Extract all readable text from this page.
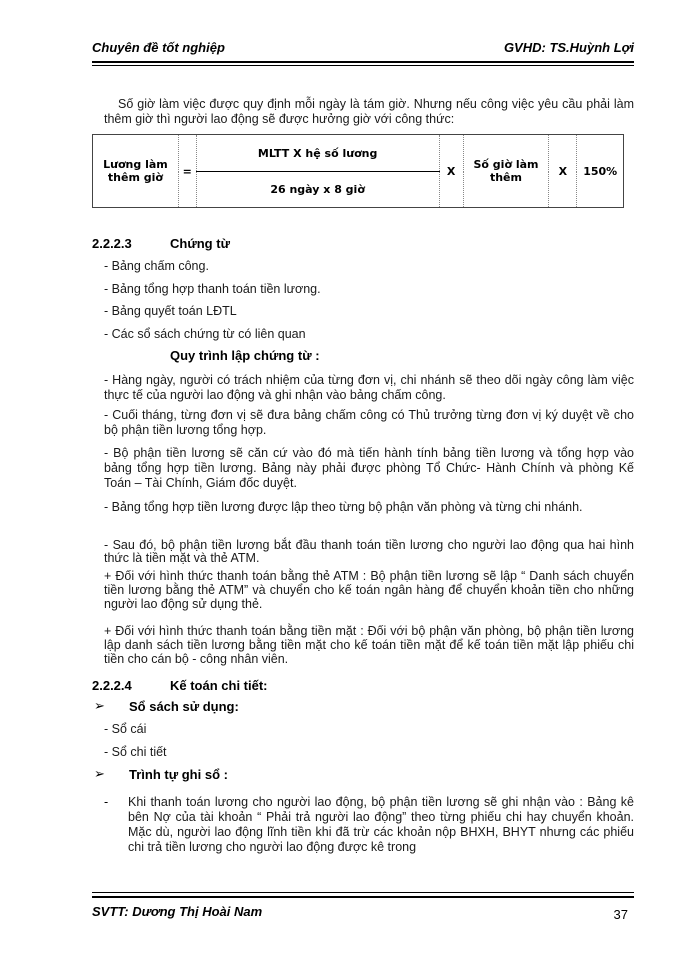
Chuyên đề tốt nghiệp	GVHD: TS.Huỳnh Lợi
Số giờ làm việc được quy định mỗi ngày là tám giờ. Nhưng nếu công việc yêu cầu phải làm thêm giờ thì người lao động sẽ được hưởng giờ với công thức:
Lương làm thêm giờ	=	MLTT X hệ số lương	X	Số giờ làm thêm	X	150%
26 ngày x 8 giờ
2.2.2.3	Chứng từ
- Bảng chấm công.
- Bảng tổng hợp thanh toán tiền lương.
- Bảng quyết toán LĐTL
- Các sổ sách chứng từ có liên quan
Quy trình lập chứng từ :
- Hàng ngày, người có trách nhiệm của từng đơn vị, chi nhánh sẽ theo dõi ngày công làm việc thực tế của người lao động và ghi nhận vào bảng chấm công.
- Cuối tháng, từng đơn vị sẽ đưa bảng chấm công có Thủ trưởng từng đơn vị ký duyệt về cho bộ phận tiền lương tổng hợp.
- Bộ phận tiền lương sẽ căn cứ vào đó mà tiến hành tính bảng tiền lương và tổng hợp vào bảng tổng hợp tiền lương. Bảng này phải được phòng Tổ Chức- Hành Chính và phòng Kế Toán – Tài Chính, Giám đốc duyệt.
- Bảng tổng hợp tiền lương được lập theo từng bộ phận văn phòng và từng chi nhánh.
- Sau đó, bộ phận tiền lương bắt đầu thanh toán tiền lương cho người lao động qua hai hình thức là tiền mặt và thẻ ATM.
+ Đối với hình thức thanh toán bằng thẻ ATM : Bộ phận tiền lương sẽ lập “ Danh sách chuyển tiền lương bằng thẻ ATM” và chuyển cho kế toán ngân hàng để chuyển khoản tiền cho những người lao động sử dụng thẻ.
+ Đối với hình thức thanh toán bằng tiền mặt : Đối với bộ phận văn phòng, bộ phận tiền lương lập danh sách tiền lương bằng tiền mặt cho kế toán tiền mặt để kế toán tiền mặt lập phiếu chi tiền cho cán bộ - công nhân viên.
2.2.2.4	Kế toán chi tiết:
➢ Sổ sách sử dụng:
- Sổ cái
- Sổ chi tiết
➢ Trình tự ghi sổ :
- Khi thanh toán lương cho người lao động, bộ phận tiền lương sẽ ghi nhận vào : Bảng kê bên Nợ của tài khoản “ Phải trả người lao động” theo từng phiếu chi hay chuyển khoản. Mặc dù, người lao động lĩnh tiền khi đã trừ các khoản nộp BHXH, BHYT nhưng các phiếu chi trả tiền lương cho người lao động được kê trong
SVTT: Dương Thị Hoài Nam	37
